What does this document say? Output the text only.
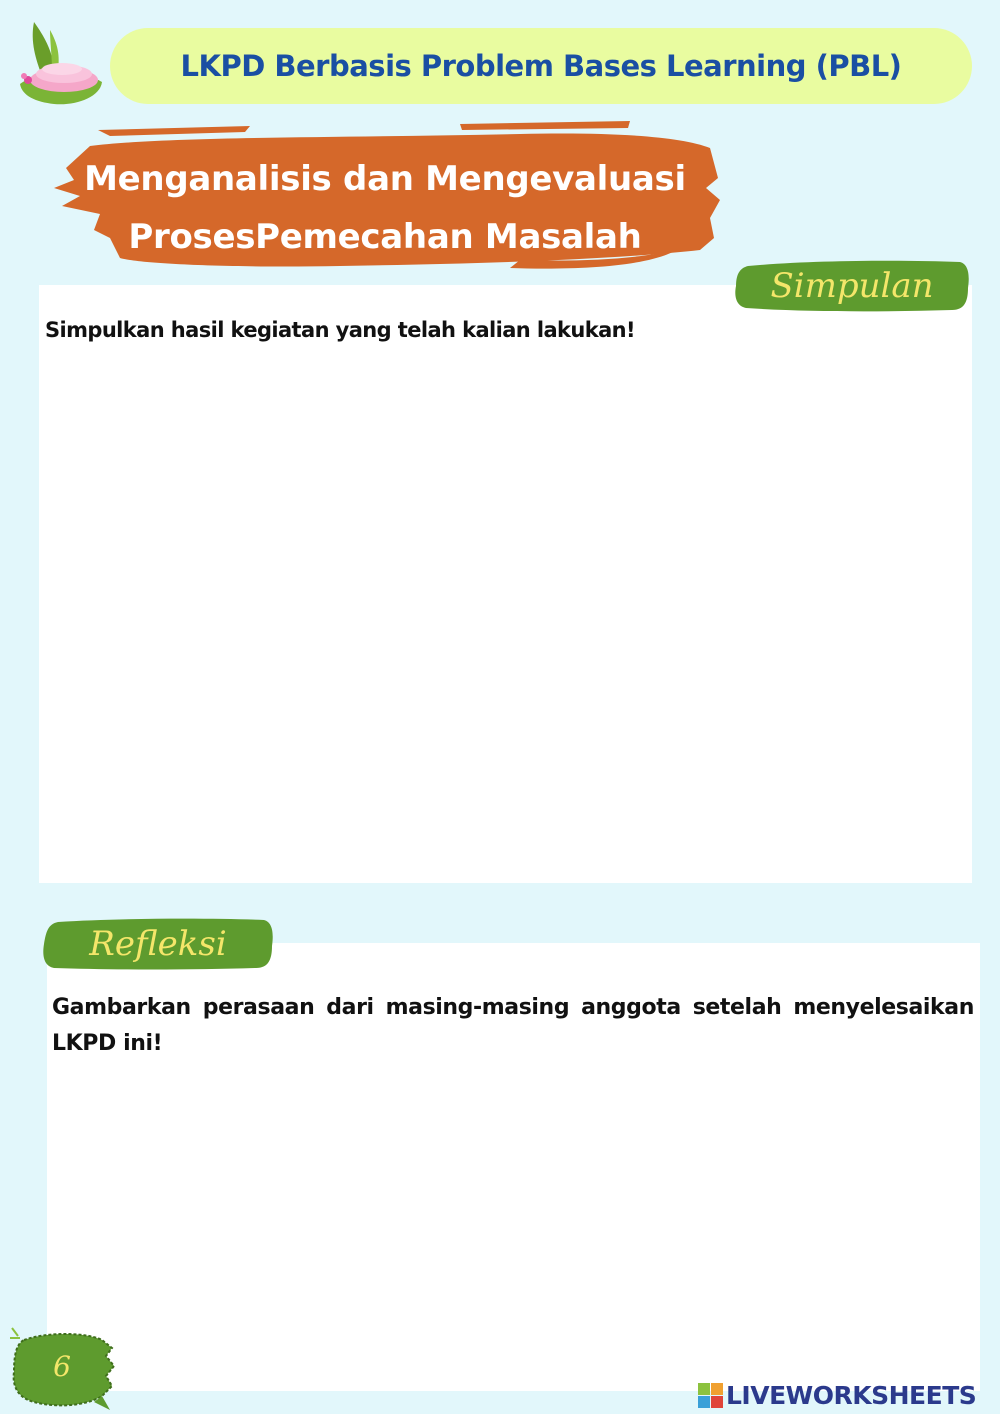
LKPD Berbasis Problem Bases Learning (PBL)
Menganalisis dan Mengevaluasi
ProsesPemecahan Masalah
Simpulan
Simpulkan hasil kegiatan yang telah kalian lakukan!
Refleksi
Gambarkan perasaan dari masing-masing anggota setelah menyelesaikan LKPD ini!
6
LIVEWORKSHEETS
